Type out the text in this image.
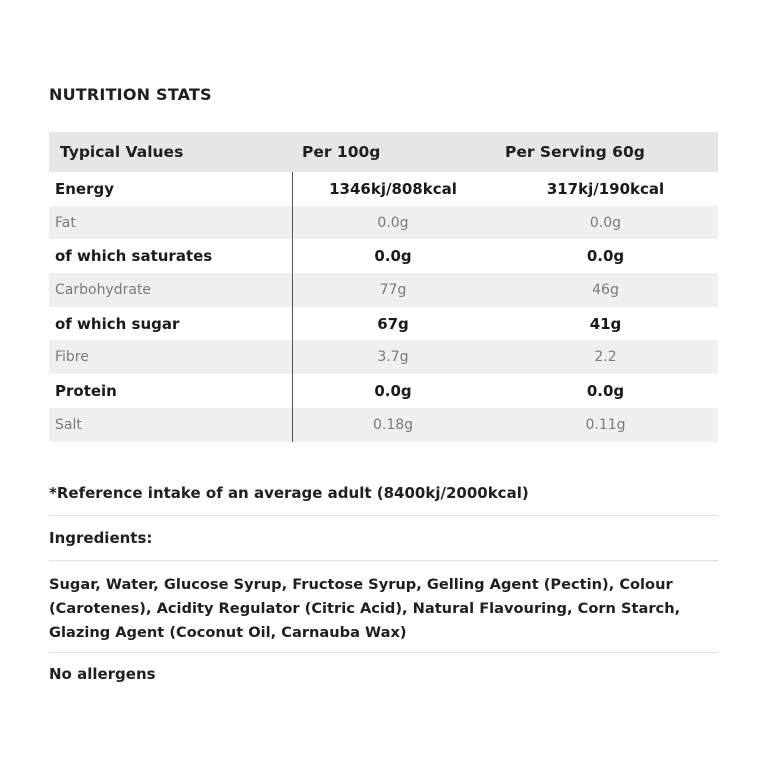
NUTRITION STATS
Typical Values	Per 100g	Per Serving 60g
Energy	1346kj/808kcal	317kj/190kcal
Fat	0.0g	0.0g
of which saturates	0.0g	0.0g
Carbohydrate	77g	46g
of which sugar	67g	41g
Fibre	3.7g	2.2
Protein	0.0g	0.0g
Salt	0.18g	0.11g
*Reference intake of an average adult (8400kj/2000kcal)
Ingredients:
Sugar, Water, Glucose Syrup, Fructose Syrup, Gelling Agent (Pectin), Colour (Carotenes), Acidity Regulator (Citric Acid), Natural Flavouring, Corn Starch, Glazing Agent (Coconut Oil, Carnauba Wax)
No allergens
